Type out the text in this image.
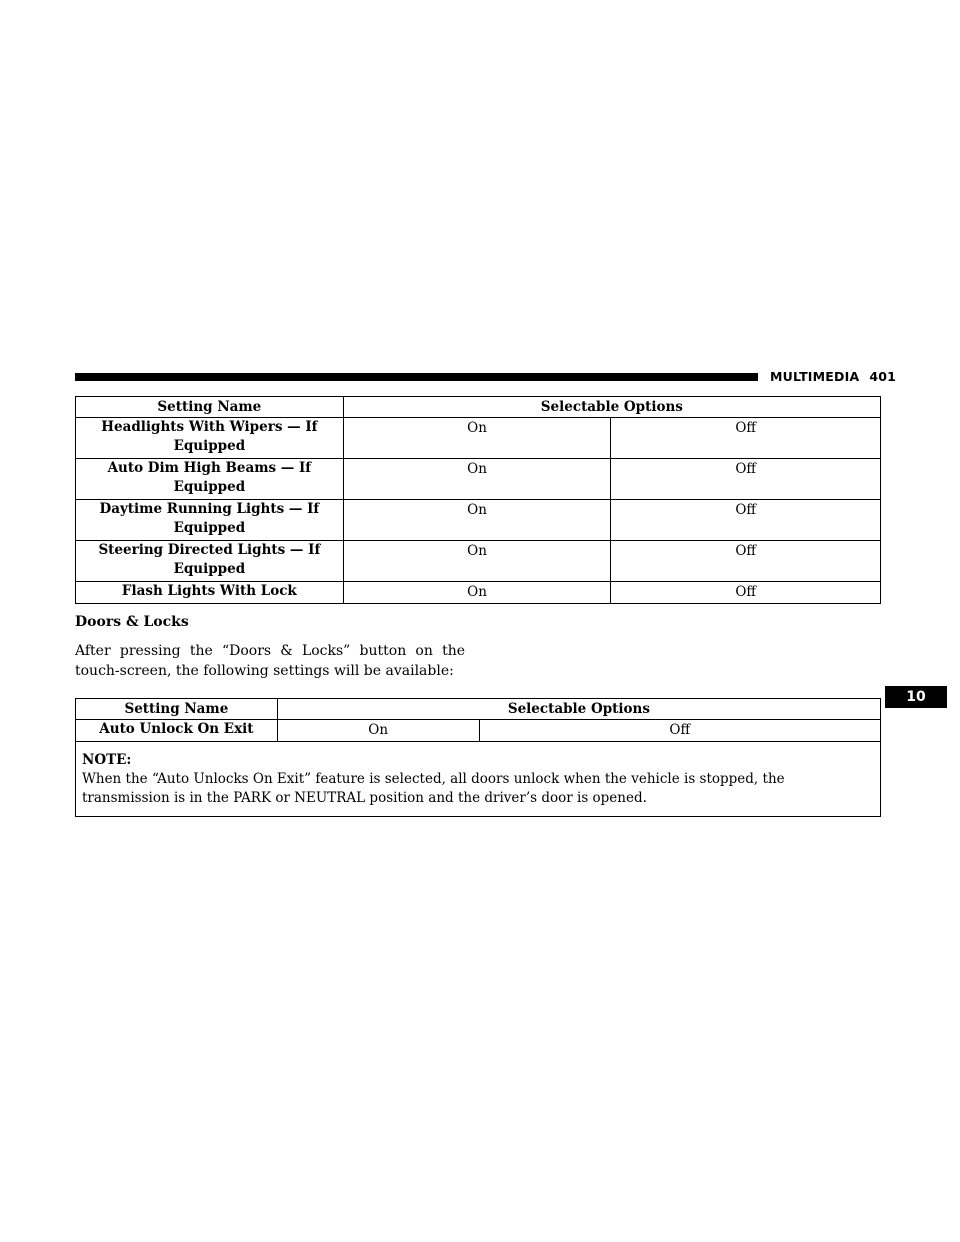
MULTIMEDIA 401
Setting Name	Selectable Options	
Headlights With Wipers — If
Equipped	On	Off
Auto Dim High Beams — If
Equipped	On	Off
Daytime Running Lights — If
Equipped	On	Off
Steering Directed Lights — If
Equipped	On	Off
Flash Lights With Lock	On	Off
Doors & Locks
After pressing the “Doors & Locks” button on the touch-screen, the following settings will be available:
Setting Name	Selectable Options	
Auto Unlock On Exit	On	Off

NOTE:
When the “Auto Unlocks On Exit” feature is selected, all doors unlock when the vehicle is stopped, the transmission is in the PARK or NEUTRAL position and the driver’s door is opened.		
10
